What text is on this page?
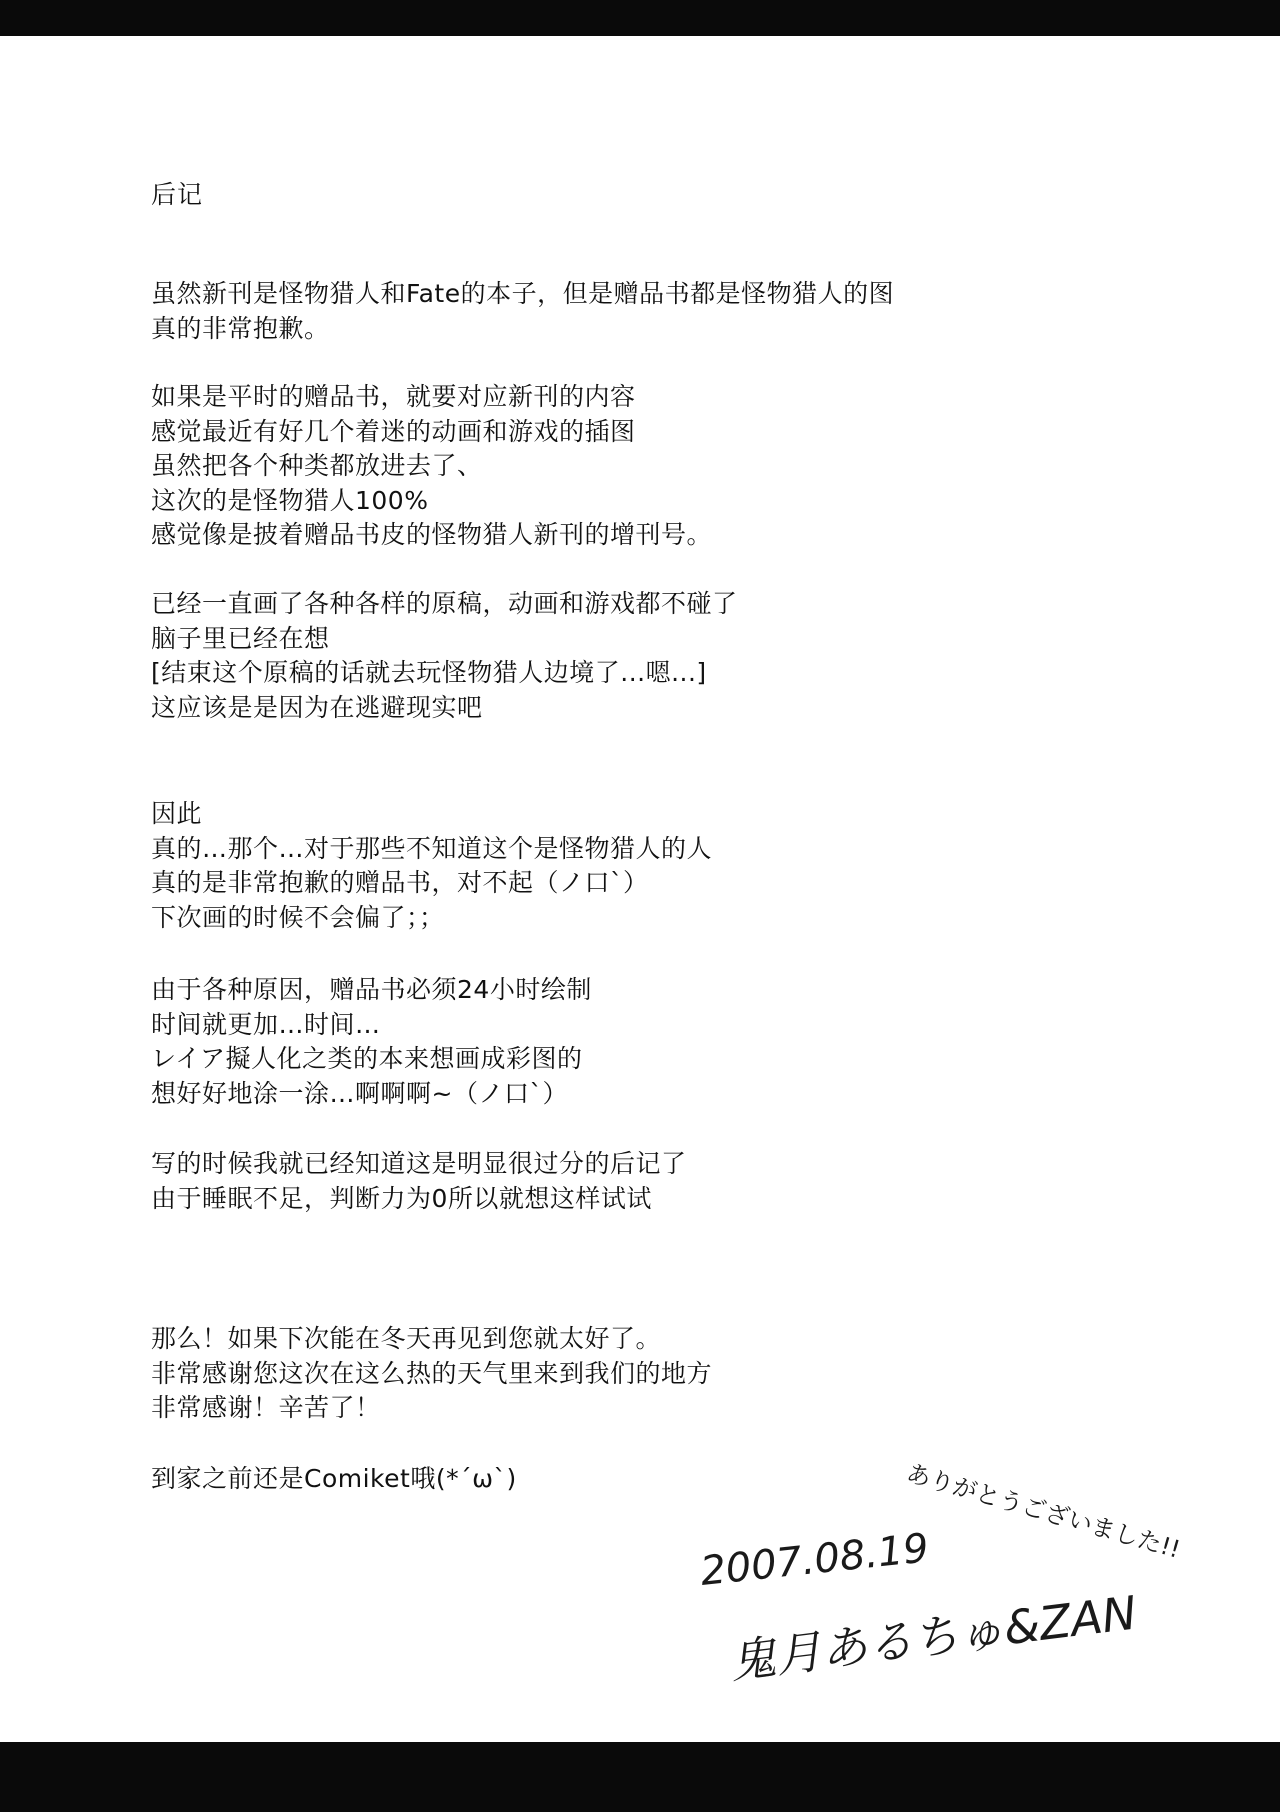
后记
虽然新刊是怪物猎人和Fate的本子，但是赠品书都是怪物猎人的图
真的非常抱歉。
如果是平时的赠品书，就要对应新刊的内容
感觉最近有好几个着迷的动画和游戏的插图
虽然把各个种类都放进去了、
这次的是怪物猎人100%
感觉像是披着赠品书皮的怪物猎人新刊的增刊号。
已经一直画了各种各样的原稿，动画和游戏都不碰了
脑子里已经在想
[结束这个原稿的话就去玩怪物猎人边境了...嗯...]
这应该是是因为在逃避现实吧
因此
真的…那个…对于那些不知道这个是怪物猎人的人
真的是非常抱歉的赠品书，对不起（ノ口`）
下次画的时候不会偏了；；
由于各种原因，赠品书必须24小时绘制
时间就更加…时间…
レイア擬人化之类的本来想画成彩图的
想好好地涂一涂…啊啊啊~（ノ口`）
写的时候我就已经知道这是明显很过分的后记了
由于睡眠不足，判断力为0所以就想这样试试
那么！如果下次能在冬天再见到您就太好了。
非常感谢您这次在这么热的天气里来到我们的地方
非常感谢！辛苦了！
到家之前还是Comiket哦(*´ω`)	ありがとうございました!!
2007.08.19
鬼月あるちゅ&ZAN
